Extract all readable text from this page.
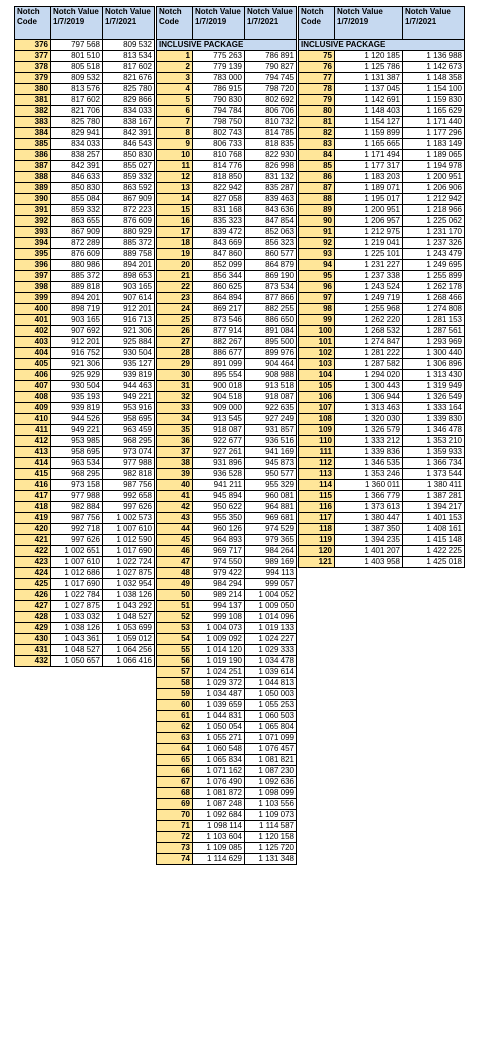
Notch Code	Notch Value 1/7/2019	Notch Value 1/7/2021
376	797 568	809 532
377	801 510	813 534
378	805 518	817 602
379	809 532	821 676
380	813 576	825 780
381	817 602	829 866
382	821 706	834 033
383	825 780	838 167
384	829 941	842 391
385	834 033	846 543
386	838 257	850 830
387	842 391	855 027
388	846 633	859 332
389	850 830	863 592
390	855 084	867 909
391	859 332	872 223
392	863 655	876 609
393	867 909	880 929
394	872 289	885 372
395	876 609	889 758
396	880 986	894 201
397	885 372	898 653
398	889 818	903 165
399	894 201	907 614
400	898 719	912 201
401	903 165	916 713
402	907 692	921 306
403	912 201	925 884
404	916 752	930 504
405	921 306	935 127
406	925 929	939 819
407	930 504	944 463
408	935 193	949 221
409	939 819	953 916
410	944 526	958 695
411	949 221	963 459
412	953 985	968 295
413	958 695	973 074
414	963 534	977 988
415	968 295	982 818
416	973 158	987 756
417	977 988	992 658
418	982 884	997 626
419	987 756	1 002 573
420	992 718	1 007 610
421	997 626	1 012 590
422	1 002 651	1 017 690
423	1 007 610	1 022 724
424	1 012 686	1 027 875
425	1 017 690	1 032 954
426	1 022 784	1 038 126
427	1 027 875	1 043 292
428	1 033 032	1 048 527
429	1 038 126	1 053 699
430	1 043 361	1 059 012
431	1 048 527	1 064 256
432	1 050 657	1 066 416
Notch Code	Notch Value 1/7/2019	Notch Value 1/7/2021
INCLUSIVE PACKAGE		
1	775 263	786 891
2	779 139	790 827
3	783 000	794 745
4	786 915	798 720
5	790 830	802 692
6	794 784	806 706
7	798 750	810 732
8	802 743	814 785
9	806 733	818 835
10	810 768	822 930
11	814 776	826 998
12	818 850	831 132
13	822 942	835 287
14	827 058	839 463
15	831 168	843 636
16	835 323	847 854
17	839 472	852 063
18	843 669	856 323
19	847 860	860 577
20	852 099	864 879
21	856 344	869 190
22	860 625	873 534
23	864 894	877 866
24	869 217	882 255
25	873 546	886 650
26	877 914	891 084
27	882 267	895 500
28	886 677	899 976
29	891 099	904 464
30	895 554	908 988
31	900 018	913 518
32	904 518	918 087
33	909 000	922 635
34	913 545	927 249
35	918 087	931 857
36	922 677	936 516
37	927 261	941 169
38	931 896	945 873
39	936 528	950 577
40	941 211	955 329
41	945 894	960 081
42	950 622	964 881
43	955 350	969 681
44	960 126	974 529
45	964 893	979 365
46	969 717	984 264
47	974 550	989 169
48	979 422	994 113
49	984 294	999 057
50	989 214	1 004 052
51	994 137	1 009 050
52	999 108	1 014 096
53	1 004 073	1 019 133
54	1 009 092	1 024 227
55	1 014 120	1 029 333
56	1 019 190	1 034 478
57	1 024 251	1 039 614
58	1 029 372	1 044 813
59	1 034 487	1 050 003
60	1 039 659	1 055 253
61	1 044 831	1 060 503
62	1 050 054	1 065 804
63	1 055 271	1 071 099
64	1 060 548	1 076 457
65	1 065 834	1 081 821
66	1 071 162	1 087 230
67	1 076 490	1 092 636
68	1 081 872	1 098 099
69	1 087 248	1 103 556
70	1 092 684	1 109 073
71	1 098 114	1 114 587
72	1 103 604	1 120 158
73	1 109 085	1 125 720
74	1 114 629	1 131 348
Notch Code	Notch Value 1/7/2019	Notch Value 1/7/2021
INCLUSIVE PACKAGE		
75	1 120 185	1 136 988
76	1 125 786	1 142 673
77	1 131 387	1 148 358
78	1 137 045	1 154 100
79	1 142 691	1 159 830
80	1 148 403	1 165 629
81	1 154 127	1 171 440
82	1 159 899	1 177 296
83	1 165 665	1 183 149
84	1 171 494	1 189 065
85	1 177 317	1 194 978
86	1 183 203	1 200 951
87	1 189 071	1 206 906
88	1 195 017	1 212 942
89	1 200 951	1 218 966
90	1 206 957	1 225 062
91	1 212 975	1 231 170
92	1 219 041	1 237 326
93	1 225 101	1 243 479
94	1 231 227	1 249 695
95	1 237 338	1 255 899
96	1 243 524	1 262 178
97	1 249 719	1 268 466
98	1 255 968	1 274 808
99	1 262 220	1 281 153
100	1 268 532	1 287 561
101	1 274 847	1 293 969
102	1 281 222	1 300 440
103	1 287 582	1 306 896
104	1 294 020	1 313 430
105	1 300 443	1 319 949
106	1 306 944	1 326 549
107	1 313 463	1 333 164
108	1 320 030	1 339 830
109	1 326 579	1 346 478
110	1 333 212	1 353 210
111	1 339 836	1 359 933
112	1 346 535	1 366 734
113	1 353 246	1 373 544
114	1 360 011	1 380 411
115	1 366 779	1 387 281
116	1 373 613	1 394 217
117	1 380 447	1 401 153
118	1 387 350	1 408 161
119	1 394 235	1 415 148
120	1 401 207	1 422 225
121	1 403 958	1 425 018
